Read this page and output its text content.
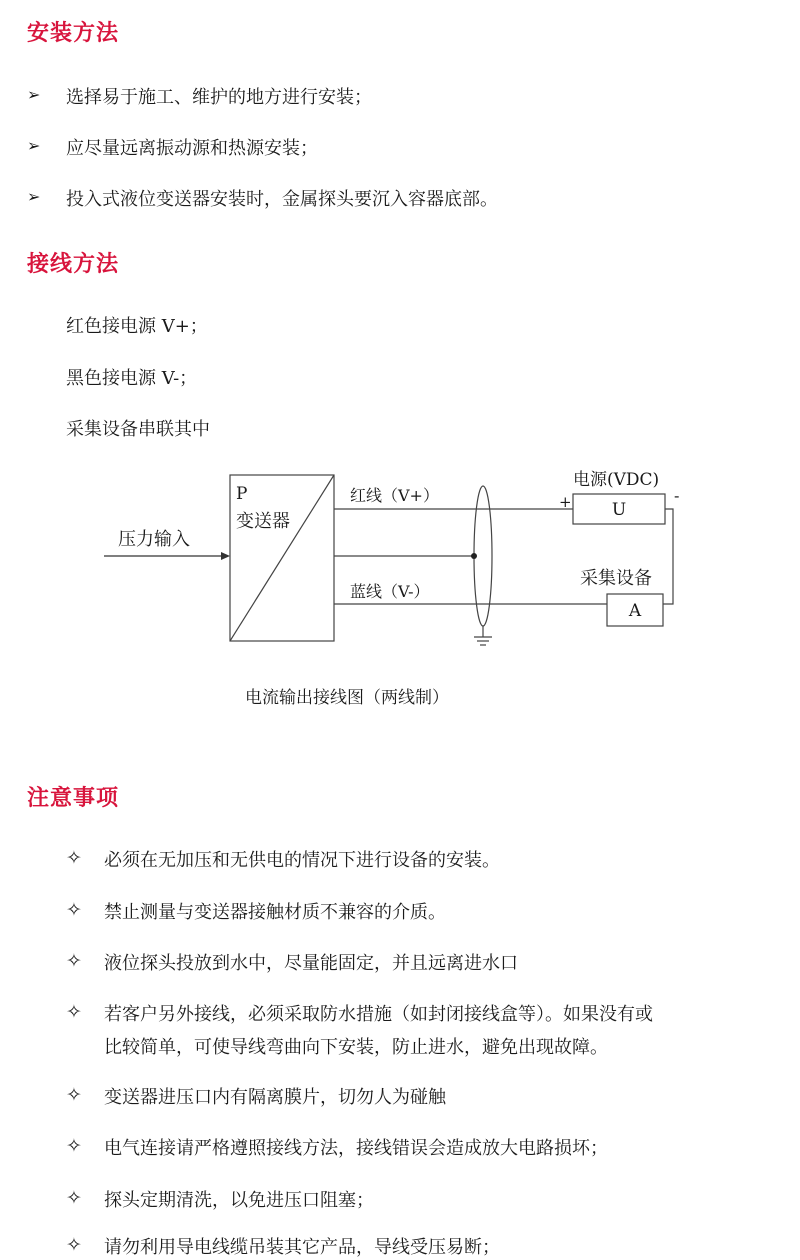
安装方法
➢ 选择易于施工、维护的地方进行安装；
➢ 应尽量远离振动源和热源安装；
➢ 投入式液位变送器安装时，金属探头要沉入容器底部。
接线方法
红色接电源 V+；
黑色接电源 V-；
采集设备串联其中
P
变送器
压力输入
红线（V+）
蓝线（V-）
电源(VDC)
+	-
U
采集设备
A
电流输出接线图（两线制）
注意事项
✧ 必须在无加压和无供电的情况下进行设备的安装。
✧ 禁止测量与变送器接触材质不兼容的介质。
✧ 液位探头投放到水中，尽量能固定，并且远离进水口
✧ 若客户另外接线，必须采取防水措施（如封闭接线盒等）。如果没有或
比较简单，可使导线弯曲向下安装，防止进水，避免出现故障。
✧ 变送器进压口内有隔离膜片，切勿人为碰触
✧ 电气连接请严格遵照接线方法，接线错误会造成放大电路损坏；
✧ 探头定期清洗，以免进压口阻塞；
✧ 请勿利用导电线缆吊装其它产品，导线受压易断；
